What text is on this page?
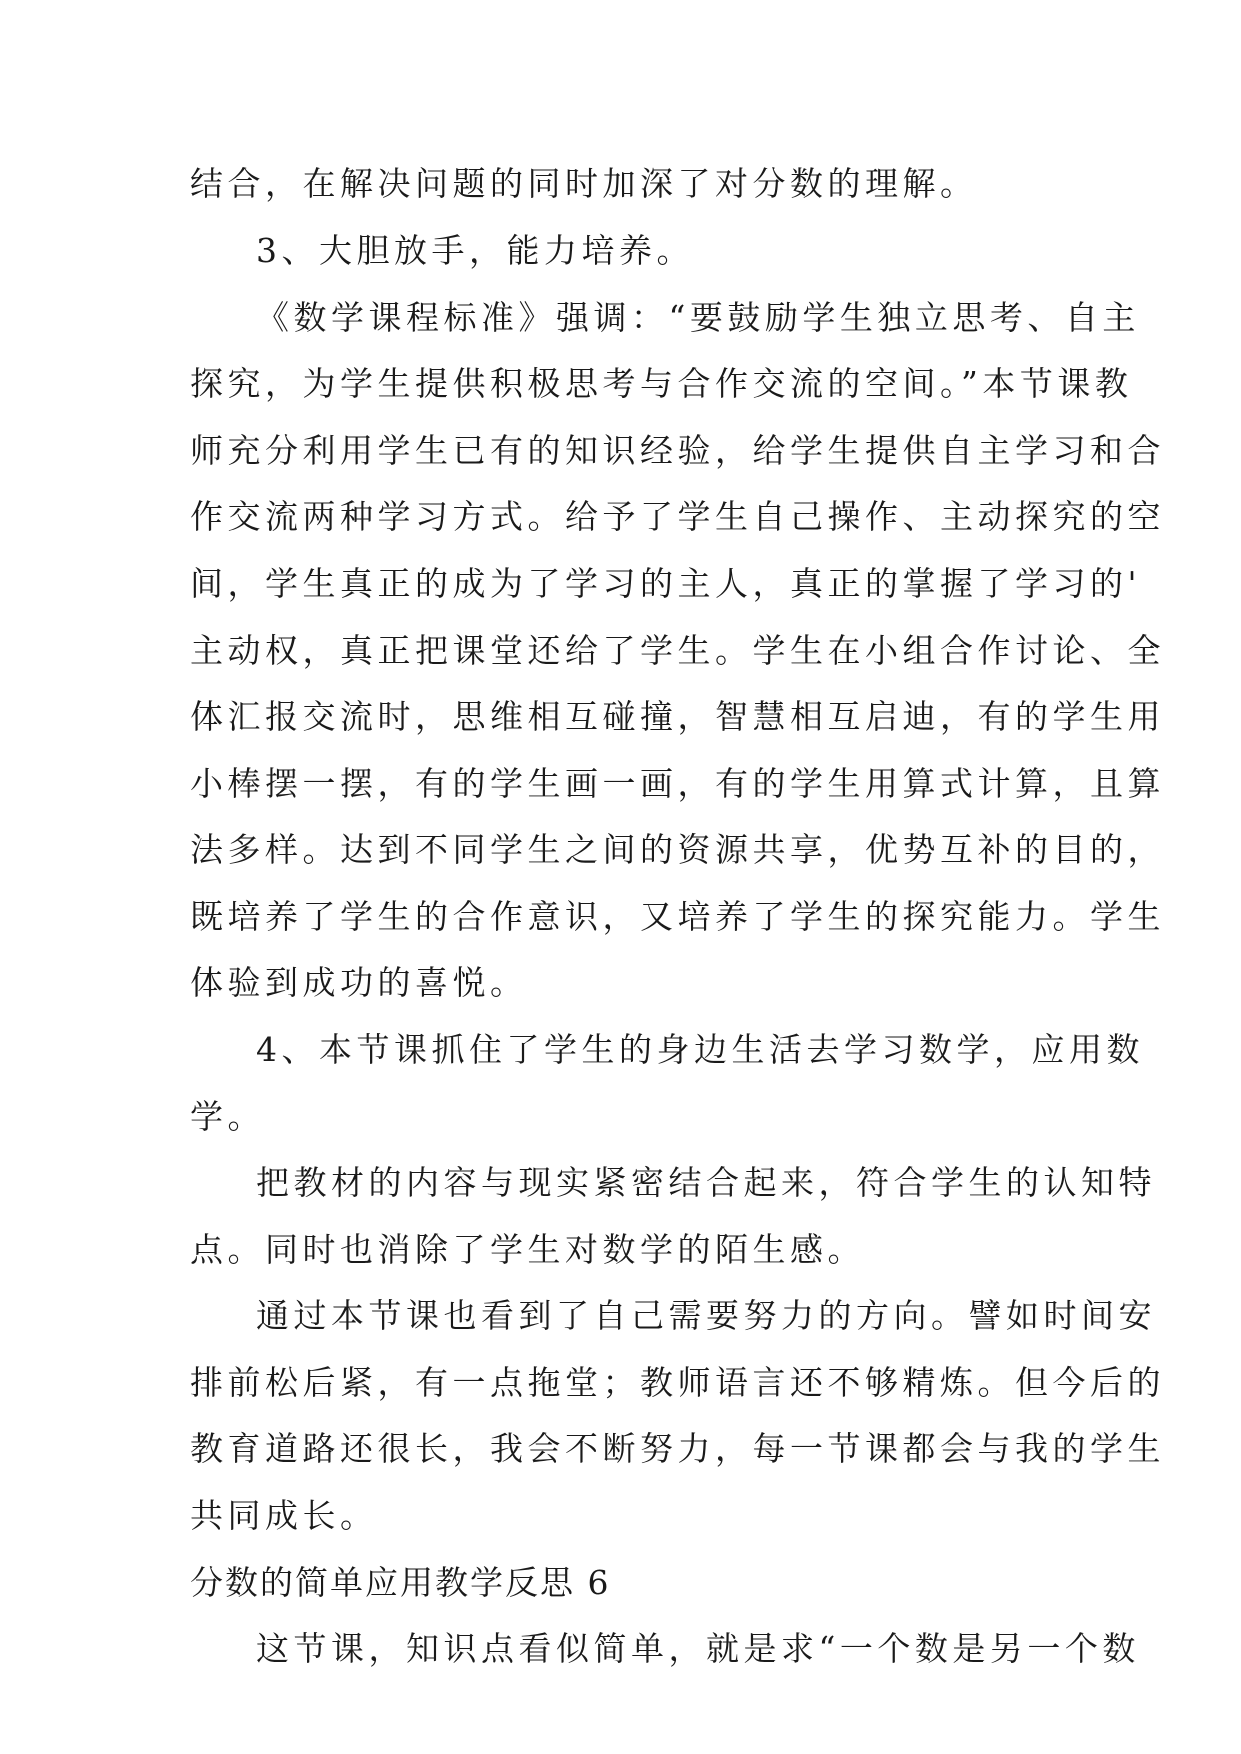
结合，在解决问题的同时加深了对分数的理解。
3、大胆放手，能力培养。
《数学课程标准》强调：“要鼓励学生独立思考、自主
探究，为学生提供积极思考与合作交流的空间。”本节课教
师充分利用学生已有的知识经验，给学生提供自主学习和合
作交流两种学习方式。给予了学生自己操作、主动探究的空
间，学生真正的成为了学习的主人，真正的掌握了学习的'
主动权，真正把课堂还给了学生。学生在小组合作讨论、全
体汇报交流时，思维相互碰撞，智慧相互启迪，有的学生用
小棒摆一摆，有的学生画一画，有的学生用算式计算，且算
法多样。达到不同学生之间的资源共享，优势互补的目的，
既培养了学生的合作意识，又培养了学生的探究能力。学生
体验到成功的喜悦。
4、本节课抓住了学生的身边生活去学习数学，应用数
学。
把教材的内容与现实紧密结合起来，符合学生的认知特
点。同时也消除了学生对数学的陌生感。
通过本节课也看到了自己需要努力的方向。譬如时间安
排前松后紧，有一点拖堂；教师语言还不够精炼。但今后的
教育道路还很长，我会不断努力，每一节课都会与我的学生
共同成长。
分数的简单应用教学反思 6
这节课，知识点看似简单，就是求“一个数是另一个数
